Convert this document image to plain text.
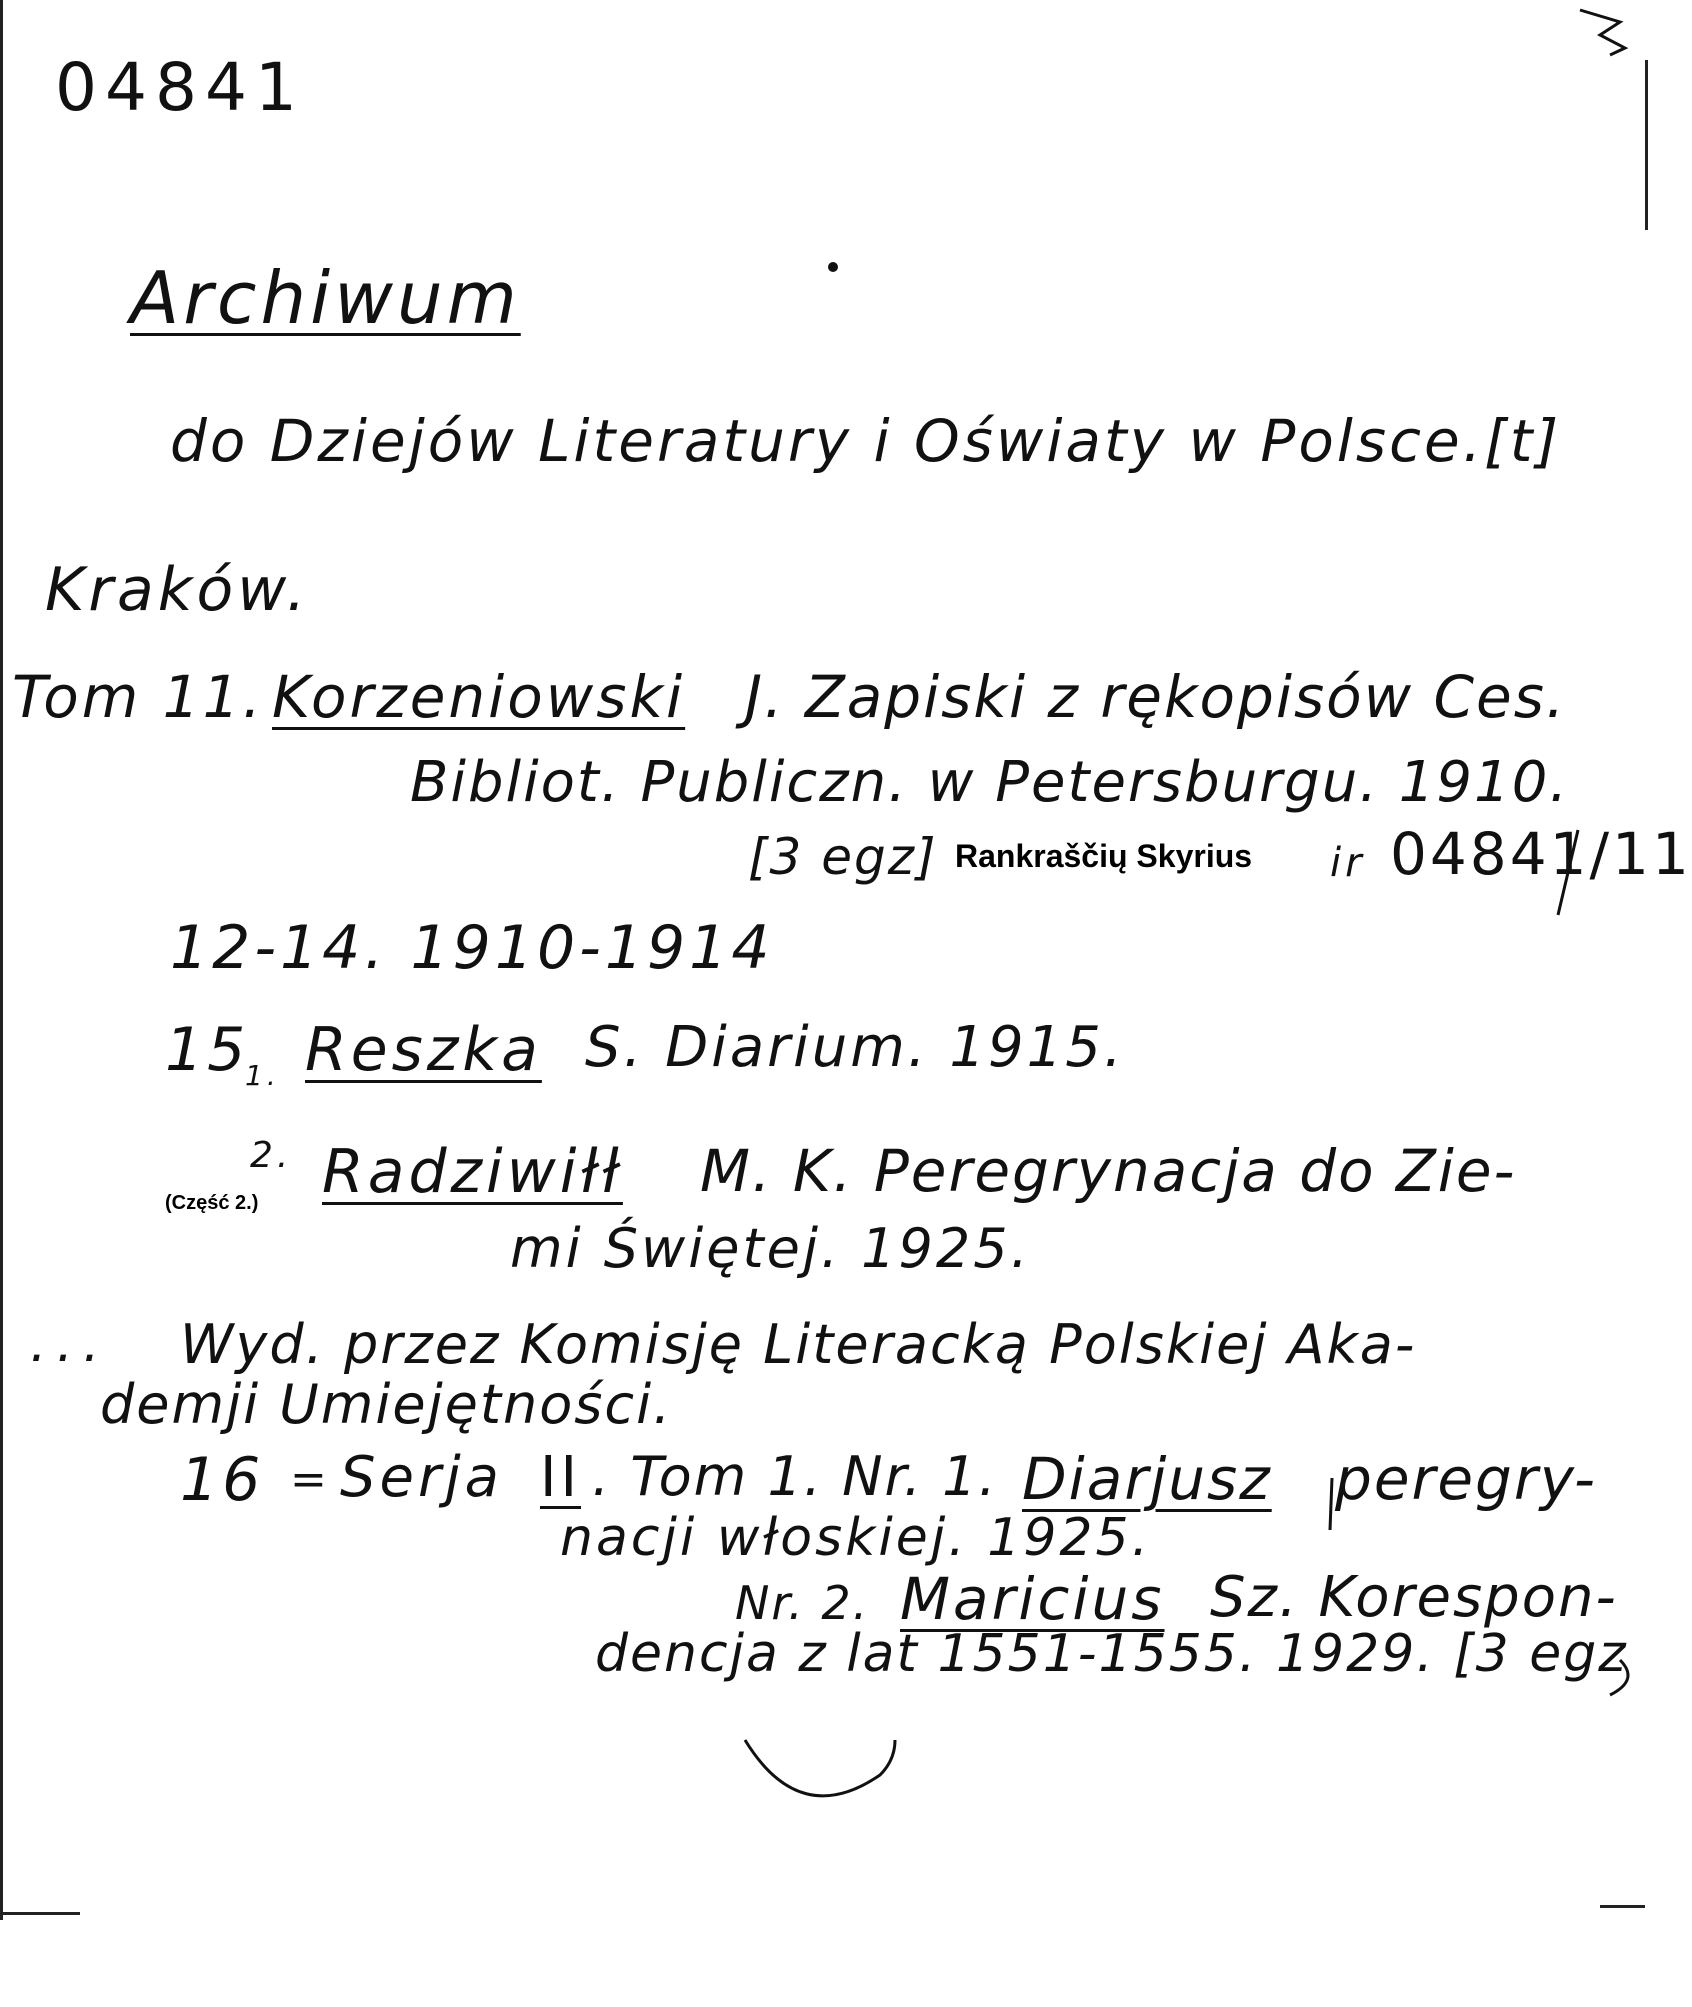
04841
Archiwum
do Dziejów Literatury i Oświaty w Polsce.[t]
Kraków.
Tom 11. Korzeniowski J. Zapiski z rękopisów Ces.
Bibliot. Publiczn. w Petersburgu. 1910.
[3 egz] Rankraščių Skyrius ir 04841/11
12-14. 1910-1914
15
1. Reszka S. Diarium. 1915.
2.
(Część 2.) Radziwiłł M. K. Peregrynacja do Zie-
mi Świętej. 1925.
... Wyd. przez Komisję Literacką Polskiej Aka-
demji Umiejętności.
16 = Serja II . Tom 1. Nr. 1. Diarjusz peregry-
nacji włoskiej. 1925.
Nr. 2. Maricius Sz. Korespon-
dencja z lat 1551-1555. 1929. [3 egz
